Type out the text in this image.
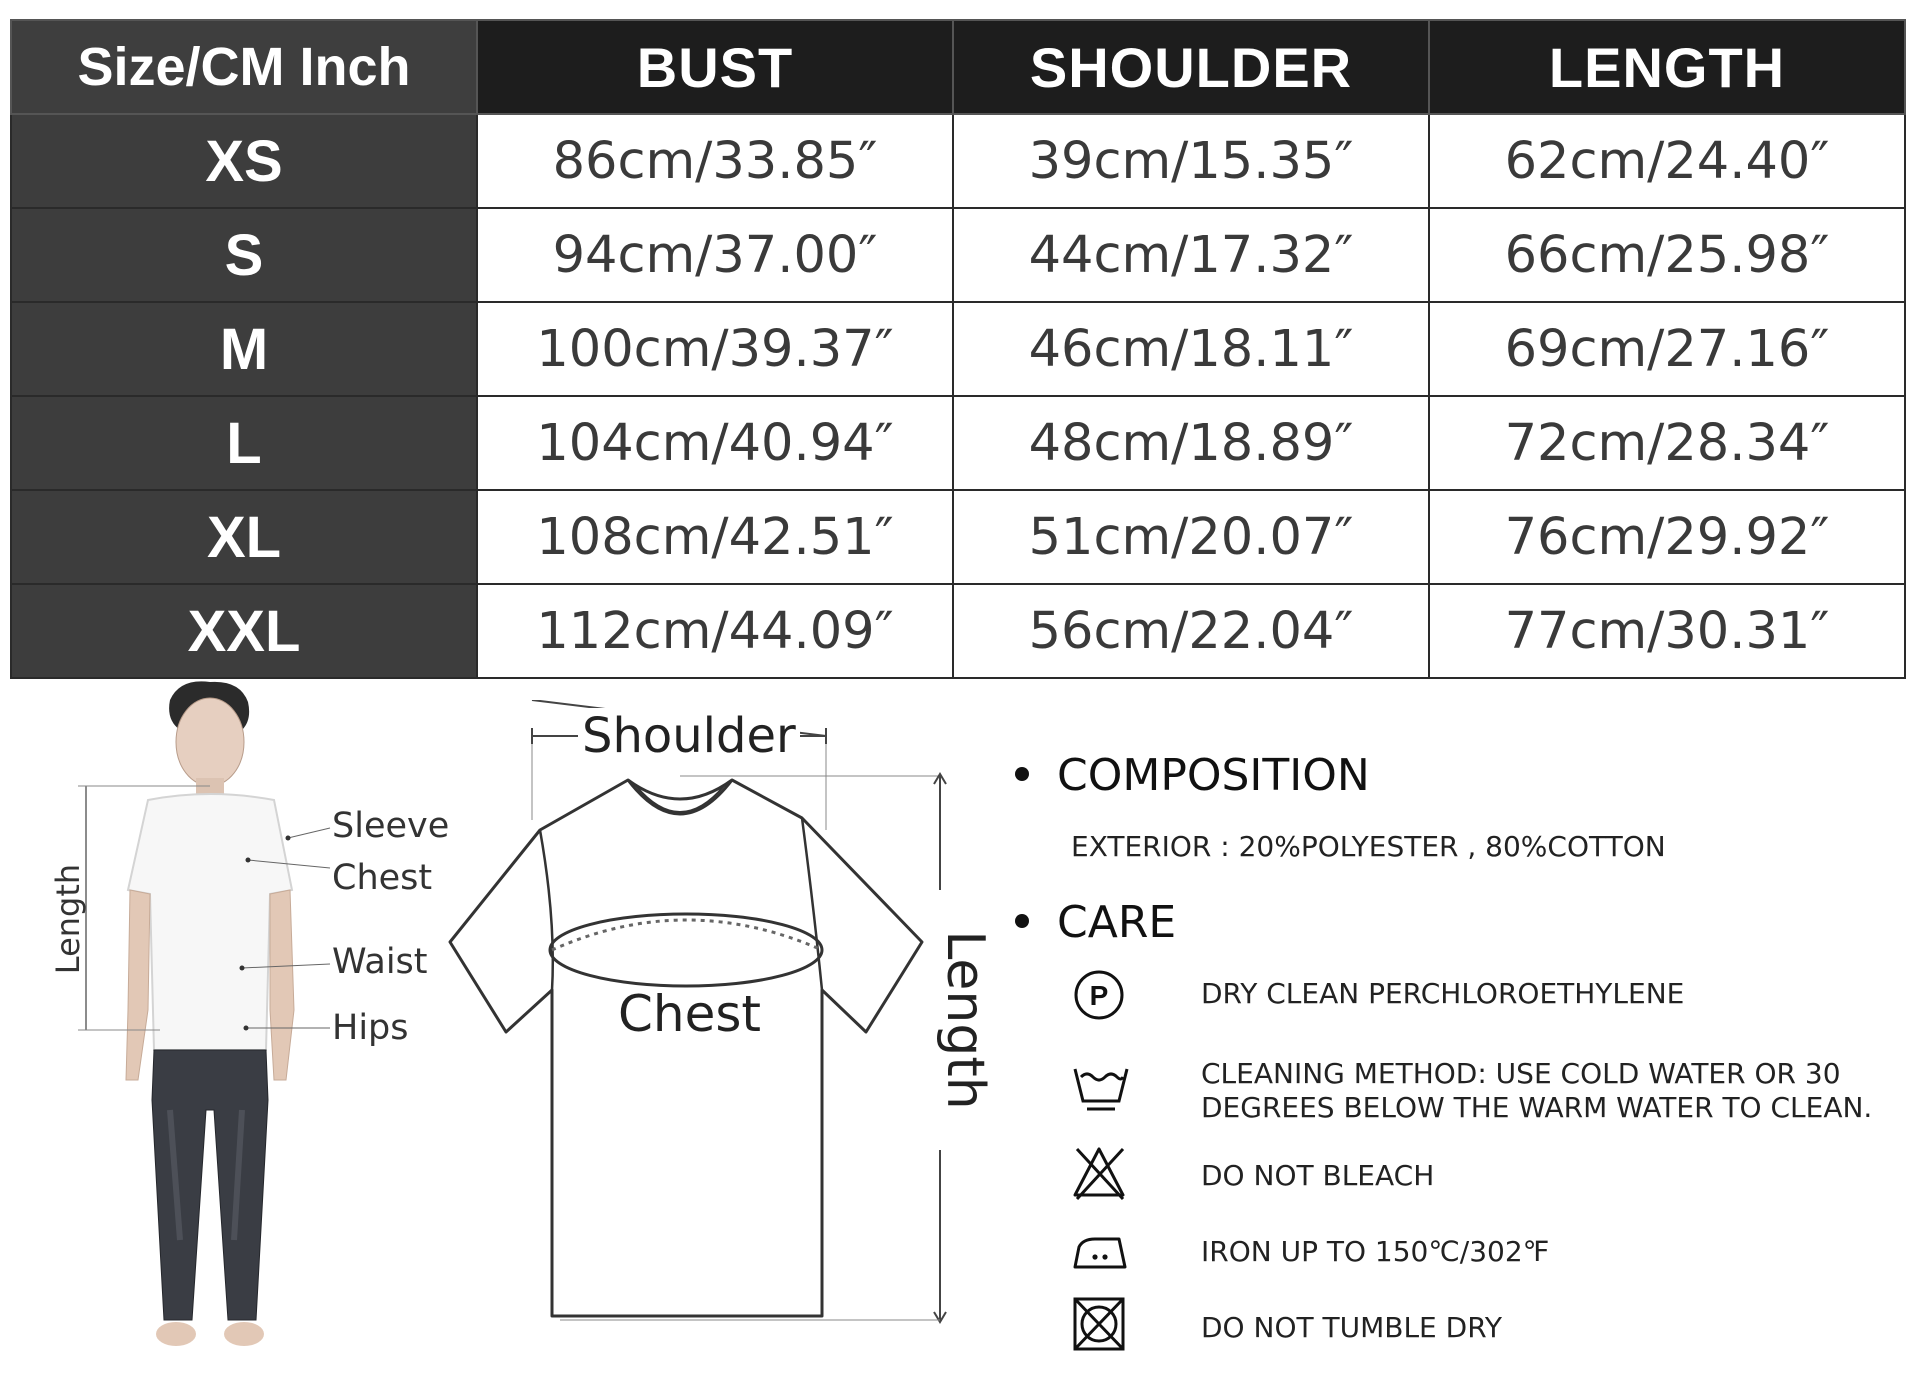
Size/CM Inch	BUST	SHOULDER	LENGTH
XS	86cm/33.85″	39cm/15.35″	62cm/24.40″
S	94cm/37.00″	44cm/17.32″	66cm/25.98″
M	100cm/39.37″	46cm/18.11″	69cm/27.16″
L	104cm/40.94″	48cm/18.89″	72cm/28.34″
XL	108cm/42.51″	51cm/20.07″	76cm/29.92″
XXL	112cm/44.09″	56cm/22.04″	77cm/30.31″
Sleeve
Chest
Waist
Hips
Length
Shoulder
Chest	Length
COMPOSITION
EXTERIOR : 20%POLYESTER , 80%COTTON
CARE
P	DRY CLEAN PERCHLOROETHYLENE
CLEANING METHOD: USE COLD WATER OR 30
DEGREES BELOW THE WARM WATER TO CLEAN.
DO NOT BLEACH
IRON UP TO 150℃/302℉
DO NOT TUMBLE DRY
